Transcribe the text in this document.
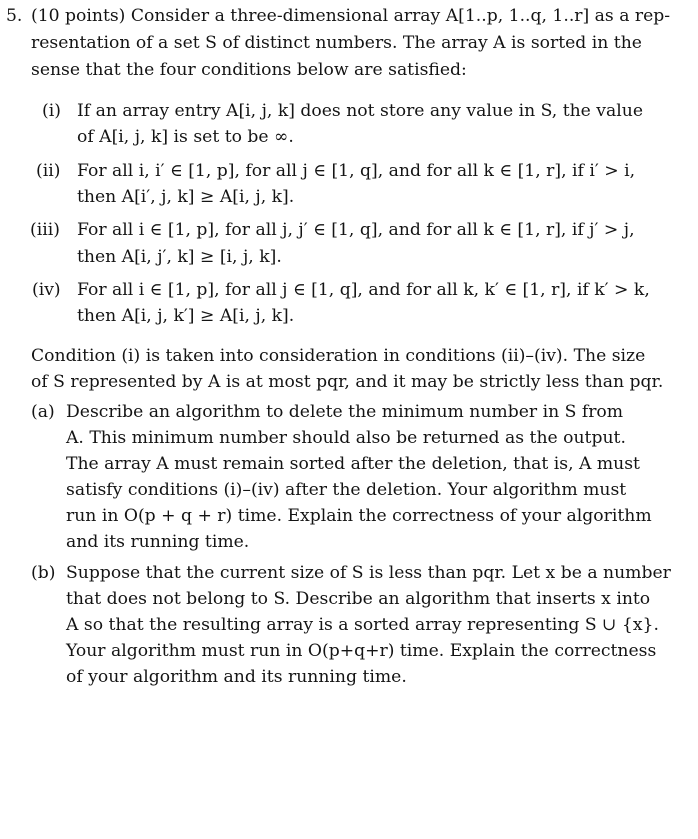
5. (10 points) Consider a three-dimensional array A[1..p, 1..q, 1..r] as a rep-
resentation of a set S of distinct numbers. The array A is sorted in the
sense that the four conditions below are satisfied:
(i) If an array entry A[i, j, k] does not store any value in S, the value
of A[i, j, k] is set to be ∞.
(ii) For all i, i′ ∈ [1, p], for all j ∈ [1, q], and for all k ∈ [1, r], if i′ > i,
then A[i′, j, k] ≥ A[i, j, k].
(iii) For all i ∈ [1, p], for all j, j′ ∈ [1, q], and for all k ∈ [1, r], if j′ > j,
then A[i, j′, k] ≥ [i, j, k].
(iv) For all i ∈ [1, p], for all j ∈ [1, q], and for all k, k′ ∈ [1, r], if k′ > k,
then A[i, j, k′] ≥ A[i, j, k].
Condition (i) is taken into consideration in conditions (ii)–(iv). The size
of S represented by A is at most pqr, and it may be strictly less than pqr.
(a) Describe an algorithm to delete the minimum number in S from
A. This minimum number should also be returned as the output.
The array A must remain sorted after the deletion, that is, A must
satisfy conditions (i)–(iv) after the deletion. Your algorithm must
run in O(p + q + r) time. Explain the correctness of your algorithm
and its running time.
(b) Suppose that the current size of S is less than pqr. Let x be a number
that does not belong to S. Describe an algorithm that inserts x into
A so that the resulting array is a sorted array representing S ∪ {x}.
Your algorithm must run in O(p+q+r) time. Explain the correctness
of your algorithm and its running time.
